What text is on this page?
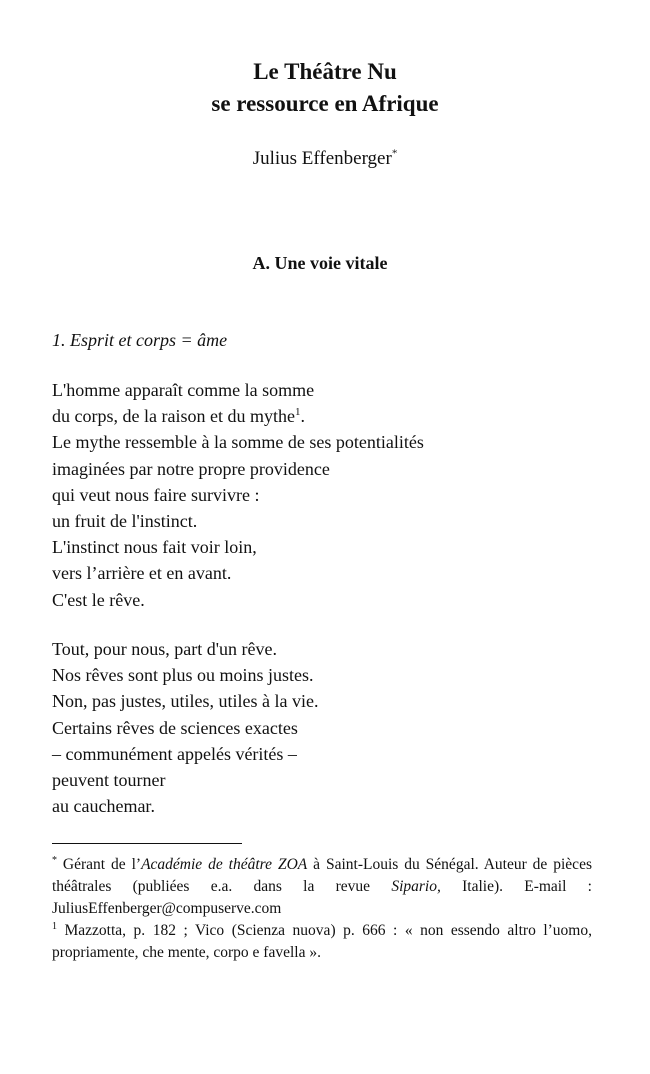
Le Théâtre Nu
se ressource en Afrique
Julius Effenberger*
A. Une voie vitale
1. Esprit et corps = âme
L'homme apparaît comme la somme
du corps, de la raison et du mythe$^1$.
Le mythe ressemble à la somme de ses potentialités
imaginées par notre propre providence
qui veut nous faire survivre :
un fruit de l'instinct.
L'instinct nous fait voir loin,
vers l’arrière et en avant.
C'est le rêve.
Tout, pour nous, part d'un rêve.
Nos rêves sont plus ou moins justes.
Non, pas justes, utiles, utiles à la vie.
Certains rêves de sciences exactes
– communément appelés vérités –
peuvent tourner
au cauchemar.

* Gérant de l’Académie de théâtre ZOA à Saint-Louis du Sénégal. Auteur de pièces théâtrales (publiées e.a. dans la revue Sipario, Italie). E-mail : JuliusEffenberger@compuserve.com

$^1$ Mazzotta, p. 182 ; Vico (Scienza nuova) p. 666 : « non essendo altro l’uomo, propriamente, che mente, corpo e favella ».
